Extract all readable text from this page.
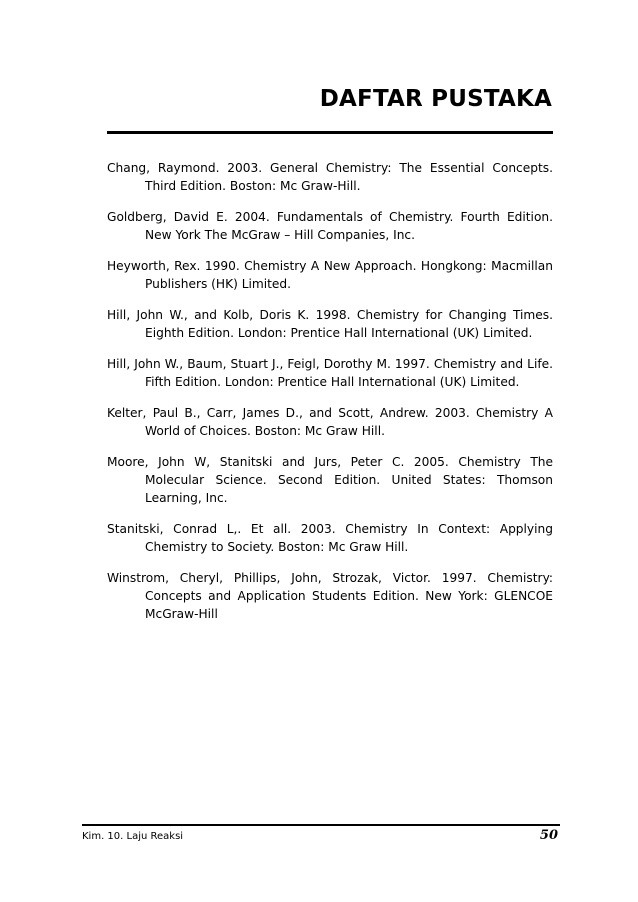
DAFTAR PUSTAKA
Chang, Raymond. 2003. General Chemistry: The Essential Concepts. Third Edition. Boston: Mc Graw-Hill.
Goldberg, David E. 2004. Fundamentals of Chemistry. Fourth Edition. New York The McGraw – Hill Companies, Inc.
Heyworth, Rex. 1990. Chemistry A New Approach. Hongkong: Macmillan Publishers (HK) Limited.
Hill, John W., and Kolb, Doris K. 1998. Chemistry for Changing Times. Eighth Edition. London: Prentice Hall International (UK) Limited.
Hill, John W., Baum, Stuart J., Feigl, Dorothy M. 1997. Chemistry and Life. Fifth Edition. London: Prentice Hall International (UK) Limited.
Kelter, Paul B., Carr, James D., and Scott, Andrew. 2003. Chemistry A World of Choices. Boston: Mc Graw Hill.
Moore, John W, Stanitski and Jurs, Peter C. 2005. Chemistry The Molecular Science. Second Edition. United States: Thomson Learning, Inc.
Stanitski, Conrad L,. Et all. 2003. Chemistry In Context: Applying Chemistry to Society. Boston: Mc Graw Hill.
Winstrom, Cheryl, Phillips, John, Strozak, Victor. 1997. Chemistry: Concepts and Application Students Edition. New York: GLENCOE McGraw-Hill
Kim. 10. Laju Reaksi	50
